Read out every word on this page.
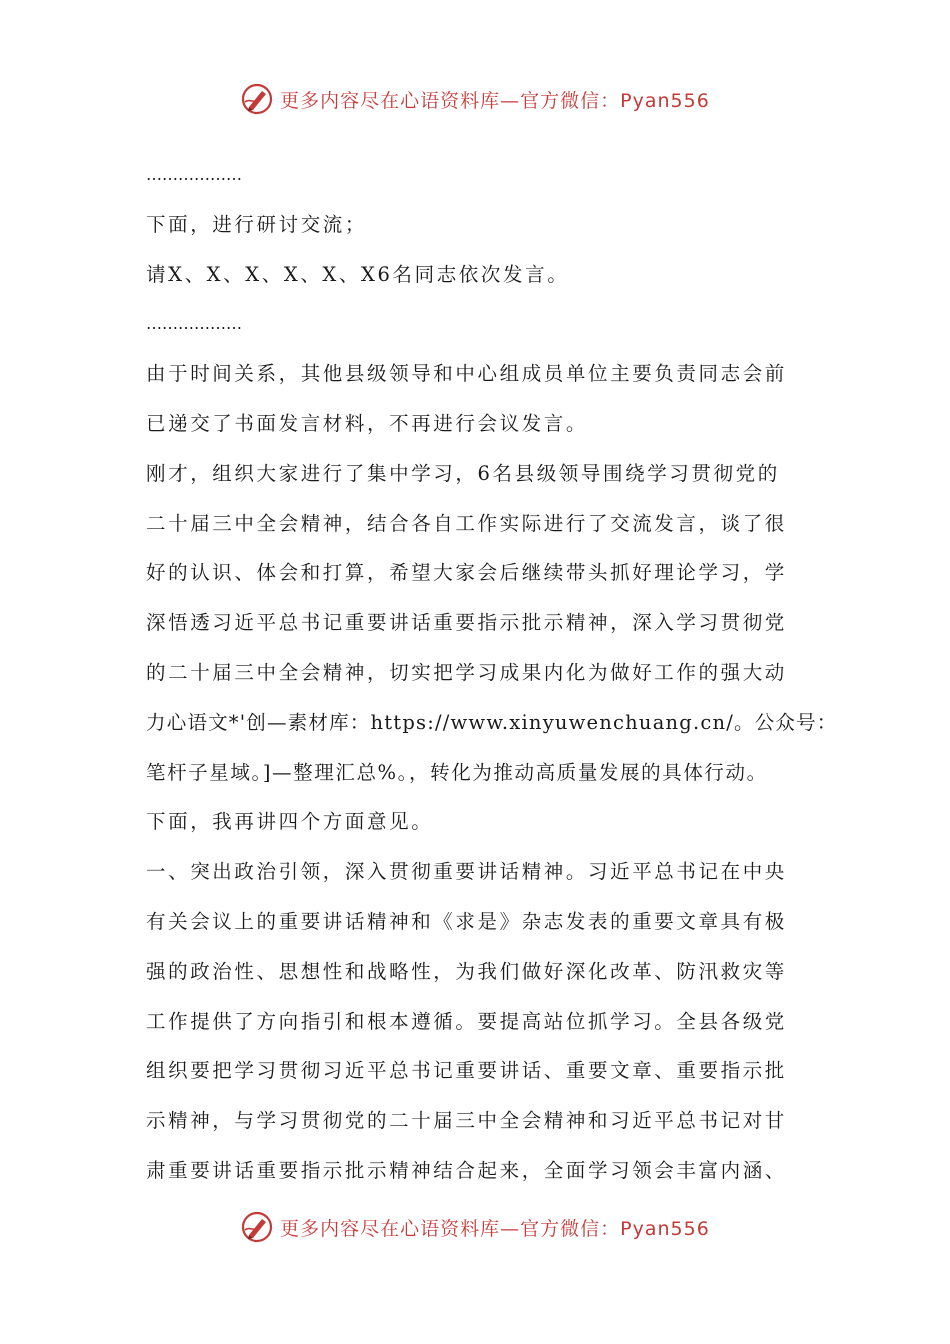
更多内容尽在心语资料库—官方微信：Pyan556
………………
下面，进行研讨交流；
请X、X、X、X、X、X6名同志依次发言。
………………
由于时间关系，其他县级领导和中心组成员单位主要负责同志会前
已递交了书面发言材料，不再进行会议发言。
刚才，组织大家进行了集中学习，6名县级领导围绕学习贯彻党的
二十届三中全会精神，结合各自工作实际进行了交流发言，谈了很
好的认识、体会和打算，希望大家会后继续带头抓好理论学习，学
深悟透习近平总书记重要讲话重要指示批示精神，深入学习贯彻党
的二十届三中全会精神，切实把学习成果内化为做好工作的强大动
力心语文*'创—素材库：https://www.xinyuwenchuang.cn/。公众号：
笔杆子星域。]—整理汇总%。，转化为推动高质量发展的具体行动。
下面，我再讲四个方面意见。
一、突出政治引领，深入贯彻重要讲话精神。习近平总书记在中央
有关会议上的重要讲话精神和《求是》杂志发表的重要文章具有极
强的政治性、思想性和战略性，为我们做好深化改革、防汛救灾等
工作提供了方向指引和根本遵循。要提高站位抓学习。全县各级党
组织要把学习贯彻习近平总书记重要讲话、重要文章、重要指示批
示精神，与学习贯彻党的二十届三中全会精神和习近平总书记对甘
肃重要讲话重要指示批示精神结合起来，全面学习领会丰富内涵、
更多内容尽在心语资料库—官方微信：Pyan556
